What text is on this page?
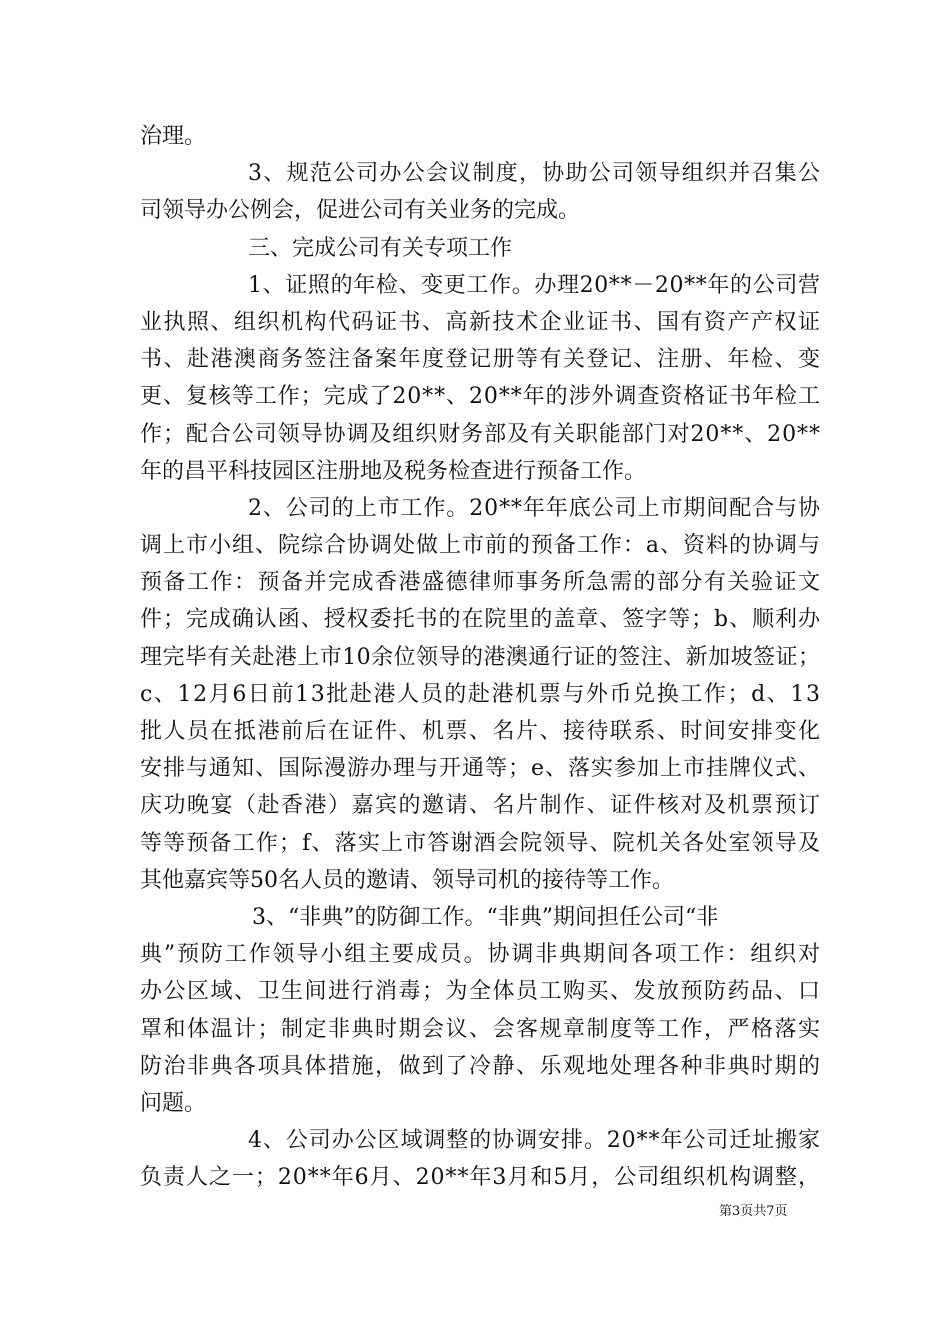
治理。
3、规范公司办公会议制度，协助公司领导组织并召集公
司领导办公例会，促进公司有关业务的完成。
三、完成公司有关专项工作
1、证照的年检、变更工作。办理20**－20**年的公司营
业执照、组织机构代码证书、高新技术企业证书、国有资产产权证
书、赴港澳商务签注备案年度登记册等有关登记、注册、年检、变
更、复核等工作；完成了20**、20**年的涉外调查资格证书年检工
作；配合公司领导协调及组织财务部及有关职能部门对20**、20**
年的昌平科技园区注册地及税务检查进行预备工作。
2、公司的上市工作。20**年年底公司上市期间配合与协
调上市小组、院综合协调处做上市前的预备工作：a、资料的协调与
预备工作：预备并完成香港盛德律师事务所急需的部分有关验证文
件；完成确认函、授权委托书的在院里的盖章、签字等；b、顺利办
理完毕有关赴港上市10余位领导的港澳通行证的签注、新加坡签证；
c、12月6日前13批赴港人员的赴港机票与外币兑换工作；d、13
批人员在抵港前后在证件、机票、名片、接待联系、时间安排变化
安排与通知、国际漫游办理与开通等；e、落实参加上市挂牌仪式、
庆功晚宴（赴香港）嘉宾的邀请、名片制作、证件核对及机票预订
等等预备工作；f、落实上市答谢酒会院领导、院机关各处室领导及
其他嘉宾等50名人员的邀请、领导司机的接待等工作。
3、“非典”的防御工作。“非典”期间担任公司“非
典”预防工作领导小组主要成员。协调非典期间各项工作：组织对
办公区域、卫生间进行消毒；为全体员工购买、发放预防药品、口
罩和体温计；制定非典时期会议、会客规章制度等工作，严格落实
防治非典各项具体措施，做到了冷静、乐观地处理各种非典时期的
问题。
4、公司办公区域调整的协调安排。20**年公司迁址搬家
负责人之一；20**年6月、20**年3月和5月，公司组织机构调整，
第3页共7页
